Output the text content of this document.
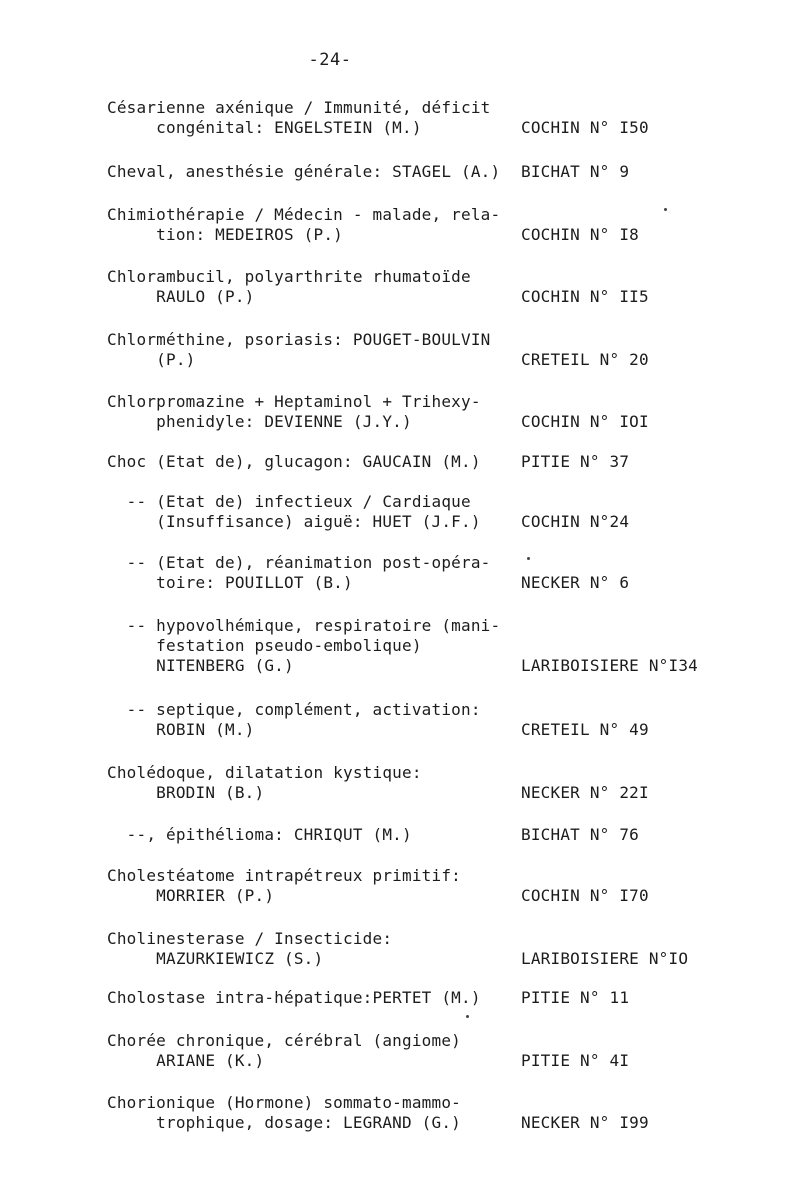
-24-
Césarienne axénique / Immunité, déficit
congénital: ENGELSTEIN (M.)	COCHIN N° I50
Cheval, anesthésie générale: STAGEL (A.) BICHAT N° 9
Chimiothérapie / Médecin - malade, rela-
tion: MEDEIROS (P.)	COCHIN N° I8
Chlorambucil, polyarthrite rhumatoïde
RAULO (P.)	COCHIN N° II5
Chlorméthine, psoriasis: POUGET-BOULVIN
(P.)	CRETEIL N° 20
Chlorpromazine + Heptaminol + Trihexy-
phenidyle: DEVIENNE (J.Y.)	COCHIN N° IOI
Choc (Etat de), glucagon: GAUCAIN (M.)	PITIE N° 37
-- (Etat de) infectieux / Cardiaque
(Insuffisance) aiguë: HUET (J.F.)	COCHIN N°24
-- (Etat de), réanimation post-opéra-
toire: POUILLOT (B.)	NECKER N° 6
-- hypovolhémique, respiratoire (mani-
festation pseudo-embolique)
NITENBERG (G.)	LARIBOISIERE N°I34
-- septique, complément, activation:
ROBIN (M.)	CRETEIL N° 49
Cholédoque, dilatation kystique:
BRODIN (B.)	NECKER N° 22I
--, épithélioma: CHRIQUT (M.)	BICHAT N° 76
Cholestéatome intrapétreux primitif:
MORRIER (P.)	COCHIN N° I70
Cholinesterase / Insecticide:
MAZURKIEWICZ (S.)	LARIBOISIERE N°IO
Cholostase intra-hépatique:PERTET (M.)	PITIE N° 11
Chorée chronique, cérébral (angiome)
ARIANE (K.)	PITIE N° 4I
Chorionique (Hormone) sommato-mammo-
trophique, dosage: LEGRAND (G.)	NECKER N° I99
